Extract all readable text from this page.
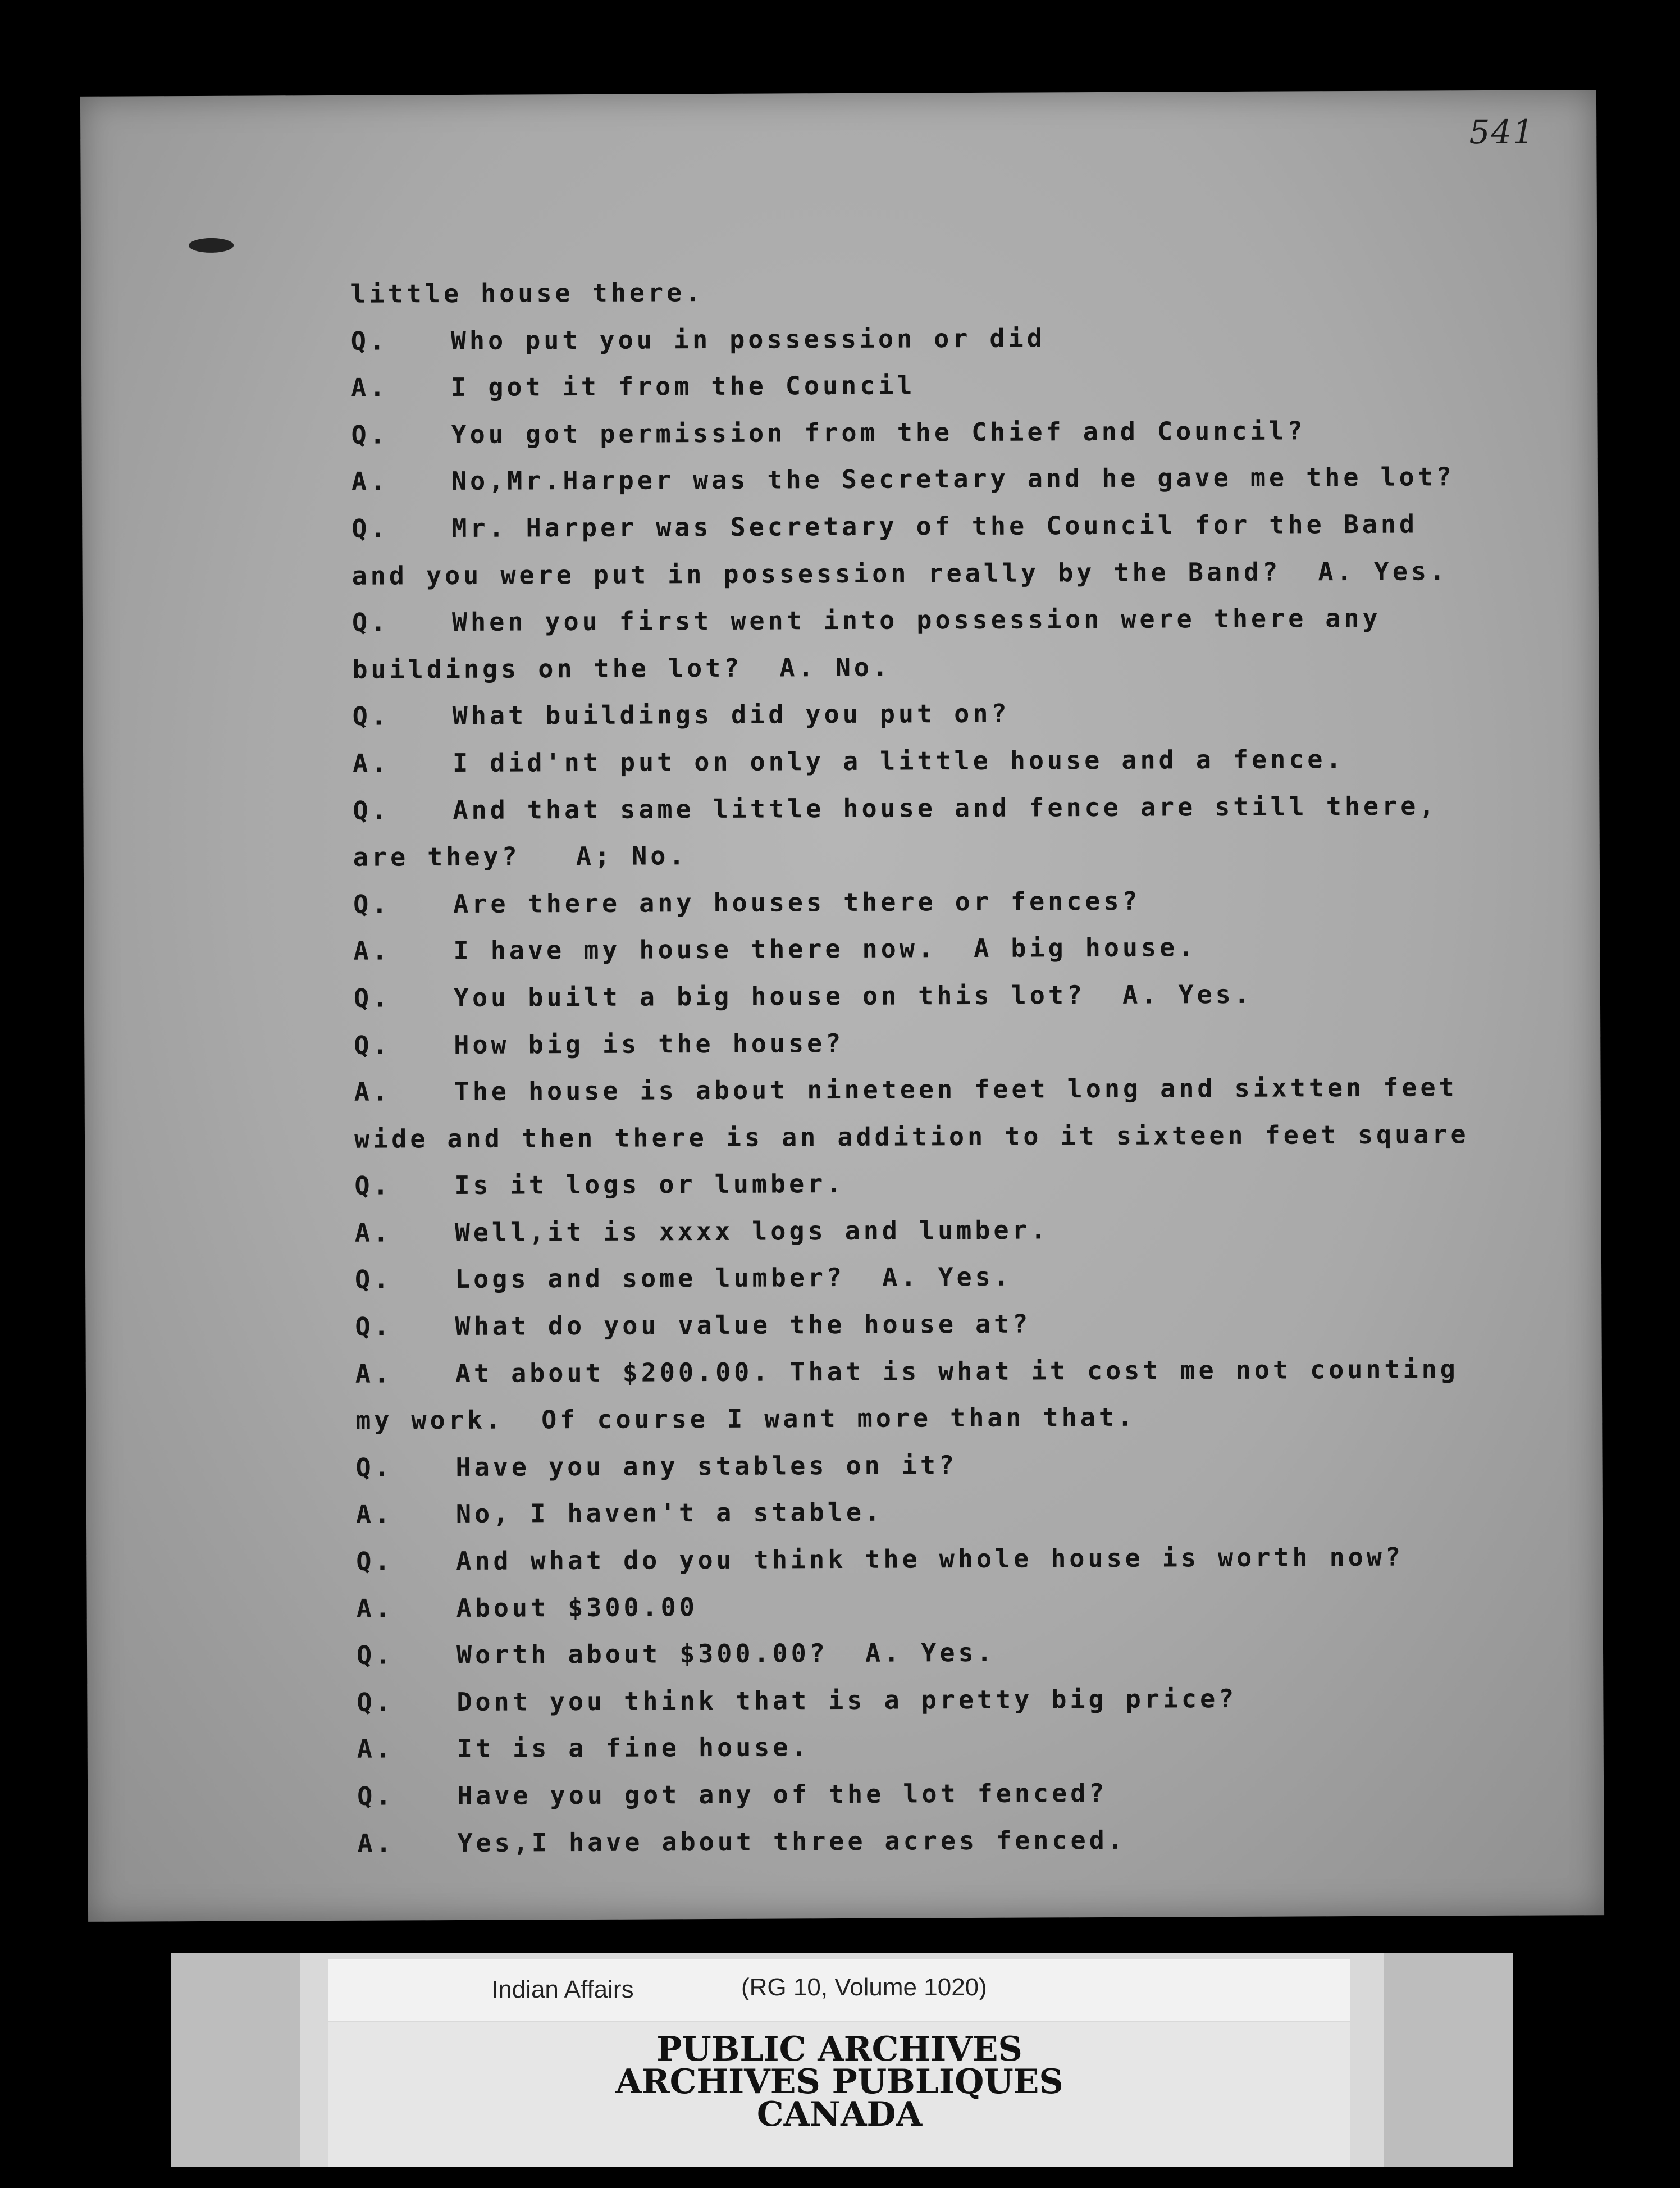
541
little house there.
Q. Who put you in possession or did
A. I got it from the Council
Q. You got permission from the Chief and Council?
A. No,Mr.Harper was the Secretary and he gave me the lot?
Q. Mr. Harper was Secretary of the Council for the Band
and you were put in possession really by the Band?  A. Yes.
Q. When you first went into possession were there any
buildings on the lot?  A. No.
Q. What buildings did you put on?
A. I did'nt put on only a little house and a fence.
Q. And that same little house and fence are still there,
are they?   A; No.
Q. Are there any houses there or fences?
A. I have my house there now.  A big house.
Q. You built a big house on this lot?  A. Yes.
Q. How big is the house?
A. The house is about nineteen feet long and sixtten feet
wide and then there is an addition to it sixteen feet square
Q. Is it logs or lumber.
A. Well,it is xxxx logs and lumber.
Q. Logs and some lumber?  A. Yes.
Q. What do you value the house at?
A. At about $200.00. That is what it cost me not counting
my work.  Of course I want more than that.
Q. Have you any stables on it?
A. No, I haven't a stable.
Q. And what do you think the whole house is worth now?
A. About $300.00
Q. Worth about $300.00?  A. Yes.
Q. Dont you think that is a pretty big price?
A. It is a fine house.
Q. Have you got any of the lot fenced?
A. Yes,I have about three acres fenced.
Indian Affairs	(RG 10, Volume 1020)
PUBLIC ARCHIVES
ARCHIVES PUBLIQUES
CANADA
